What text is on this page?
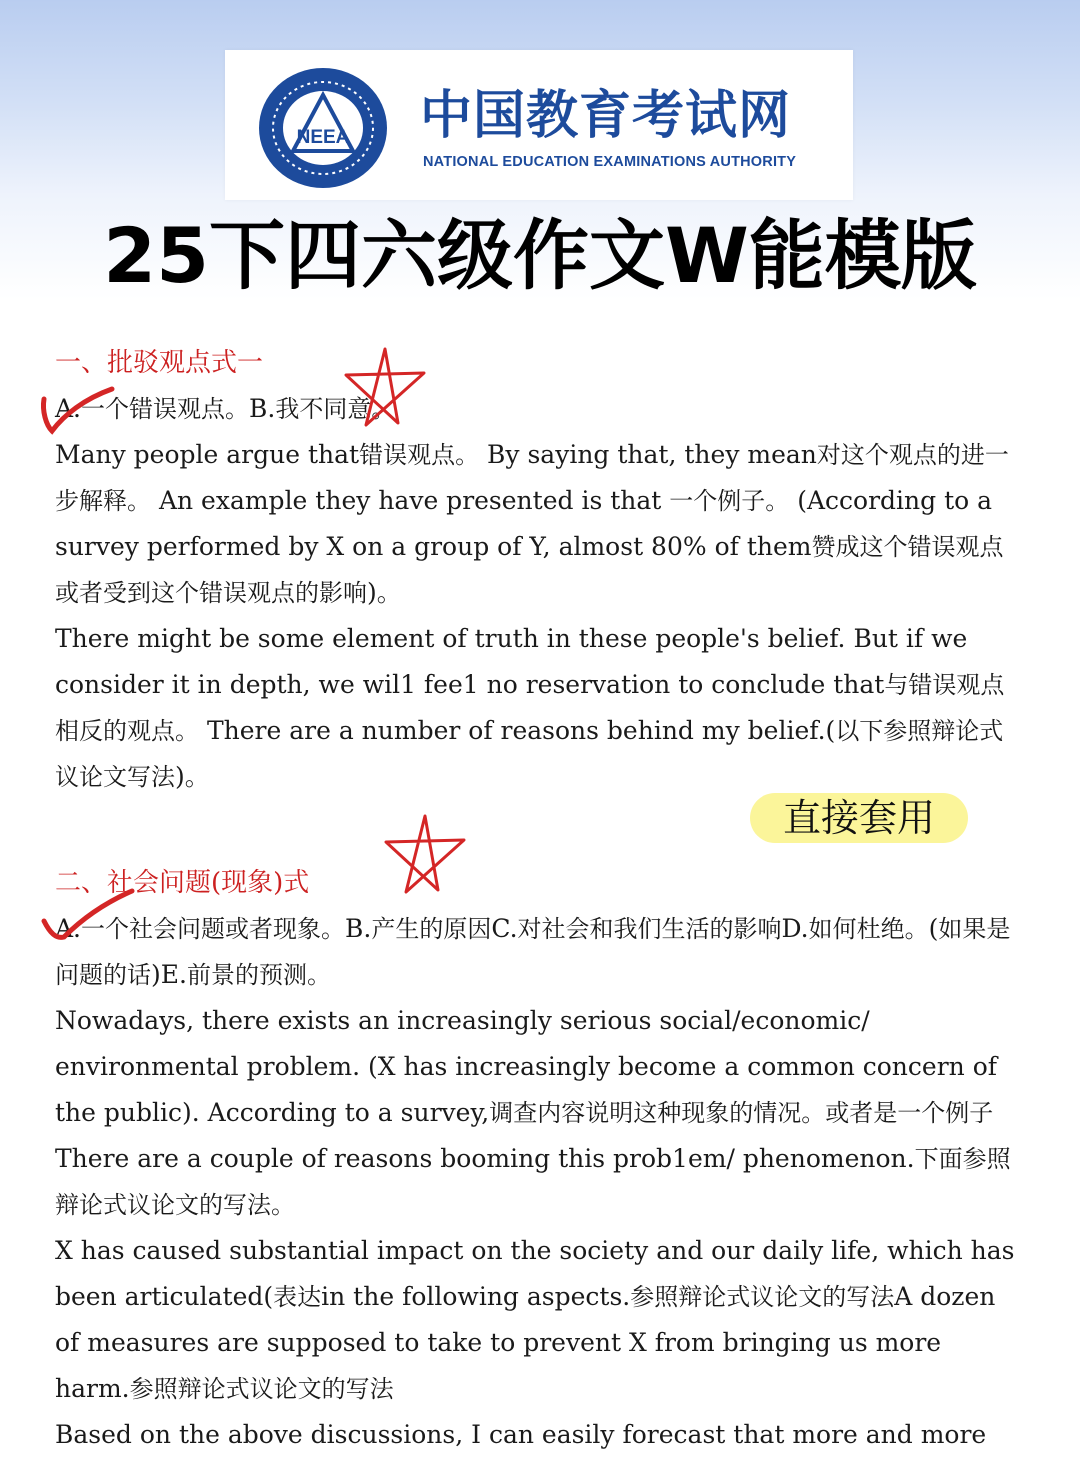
NEEA 中国教育考试网
NATIONAL EDUCATION EXAMINATIONS AUTHORITY
25下四六级作文W能模版

一、批驳观点式一

A.一个错误观点。B.我不同意。

Many people argue that错误观点。 By saying that, they mean对这个观点的进一步解释。 An example they have presented is that 一个例子。 (According to a survey performed by X on a group of Y, almost 80% of them赞成这个错误观点或者受到这个错误观点的影响)。

There might be some element of truth in these people's belief. But if we consider it in depth, we wil1 fee1 no reservation to conclude that与错误观点相反的观点。 There are a number of reasons behind my belief.(以下参照辩论式议论文写法)。

二、社会问题(现象)式

A.一个社会问题或者现象。B.产生的原因C.对社会和我们生活的影响D.如何杜绝。(如果是问题的话)E.前景的预测。

Nowadays, there exists an increasingly serious social/economic/ environmental problem. (X has increasingly become a common concern of the public). According to a survey,调查内容说明这种现象的情况。或者是一个例子There are a couple of reasons booming this prob1em/ phenomenon.下面参照辩论式议论文的写法。

X has caused substantial impact on the society and our daily life, which has been articulated(表达in the following aspects.参照辩论式议论文的写法A dozen of measures are supposed to take to prevent X from bringing us more harm.参照辩论式议论文的写法

Based on the above discussions, I can easily forecast that more and more

直接套用
